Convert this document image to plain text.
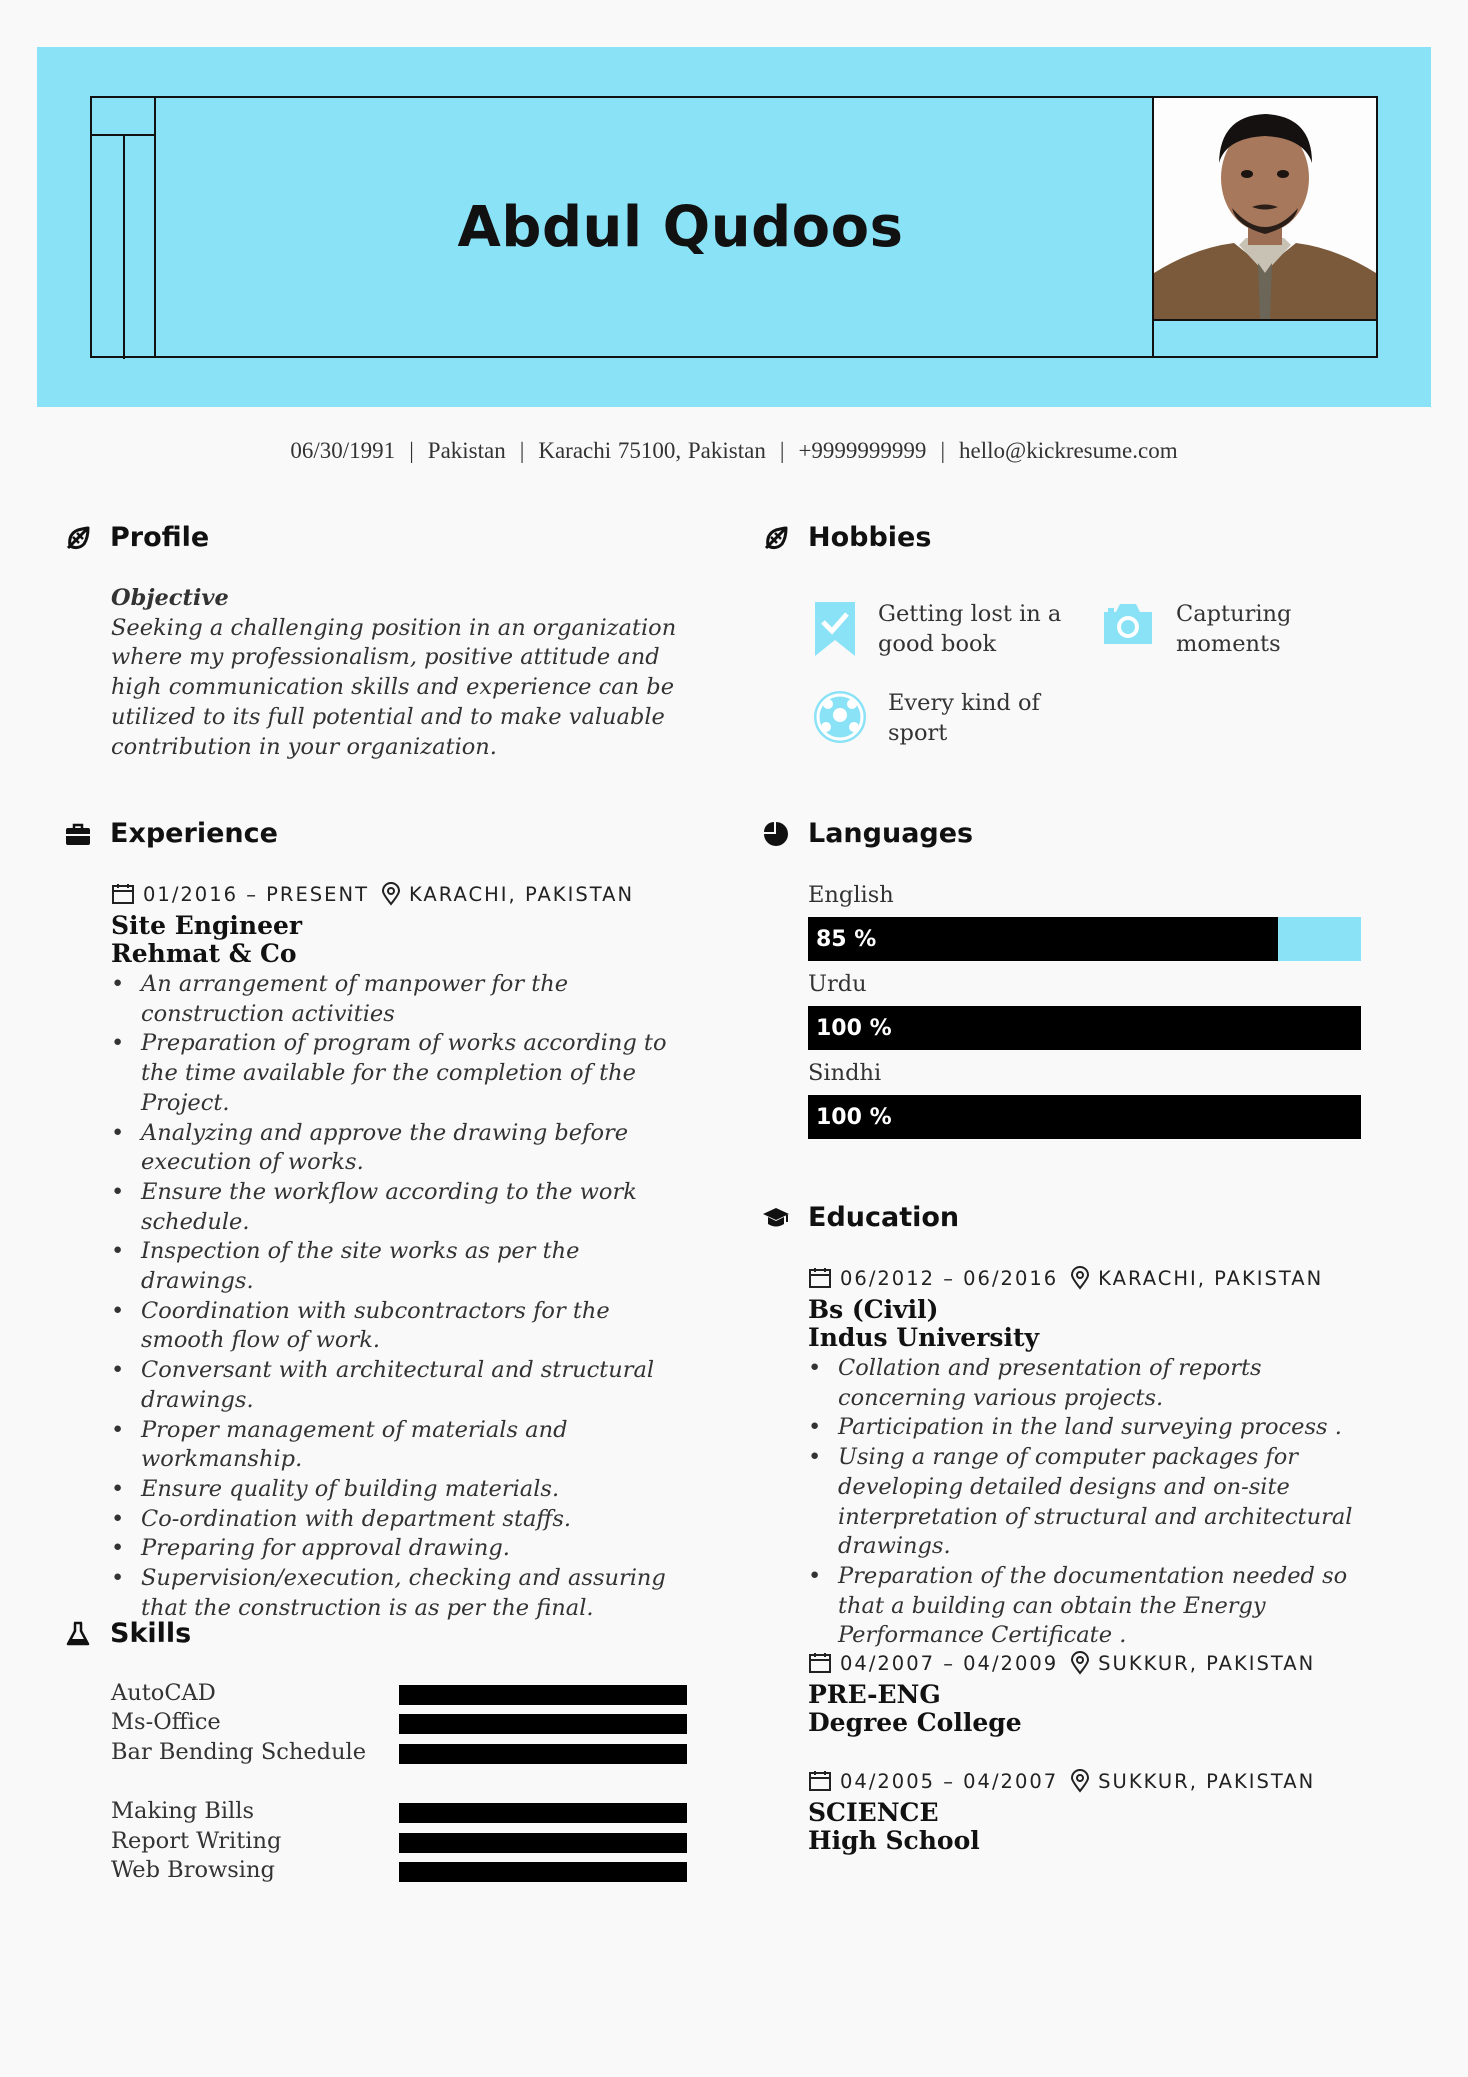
Abdul Qudoos
06/30/1991 | Pakistan | Karachi 75100, Pakistan | +9999999999 | hello@kickresume.com
Profile
Objective
Seeking a challenging position in an organization where my professionalism, positive attitude and high communication skills and experience can be utilized to its full potential and to make valuable contribution in your organization.
Experience
01/2016 – PRESENT KARACHI, PAKISTAN
Site Engineer
Rehmat & Co
• An arrangement of manpower for the construction activities
• Preparation of program of works according to the time available for the completion of the Project.
• Analyzing and approve the drawing before execution of works.
• Ensure the workflow according to the work schedule.
• Inspection of the site works as per the drawings.
• Coordination with subcontractors for the smooth flow of work.
• Conversant with architectural and structural drawings.
• Proper management of materials and workmanship.
• Ensure quality of building materials.
• Co-ordination with department staffs.
• Preparing for approval drawing.
• Supervision/execution, checking and assuring that the construction is as per the final.
Skills
AutoCAD
Ms-Office
Bar Bending Schedule
Making Bills
Report Writing
Web Browsing
Hobbies
Getting lost in a good book
Capturing moments
Every kind of sport
Languages
English
85 %
Urdu
100 %
Sindhi
100 %
Education
06/2012 – 06/2016 KARACHI, PAKISTAN
Bs (Civil)
Indus University
• Collation and presentation of reports concerning various projects.
• Participation in the land surveying process .
• Using a range of computer packages for developing detailed designs and on-site interpretation of structural and architectural drawings.
• Preparation of the documentation needed so that a building can obtain the Energy Performance Certificate .
04/2007 – 04/2009 SUKKUR, PAKISTAN
PRE-ENG
Degree College
04/2005 – 04/2007 SUKKUR, PAKISTAN
SCIENCE
High School
